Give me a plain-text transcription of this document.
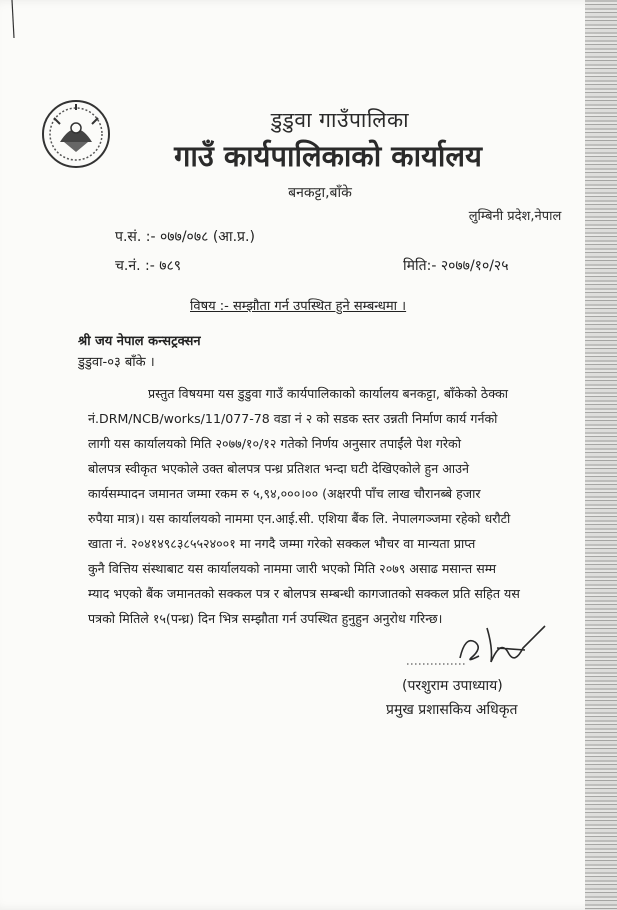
डुडुवा गाउँपालिका
गाउँ कार्यपालिकाको कार्यालय
बनकट्टा,बाँके
लुम्बिनी प्रदेश,नेपाल
प.सं. :- ०७७/०७८ (आ.प्र.)
च.नं. :- ७८९	मिति:- २०७७/१०/२५
विषय :- सम्झौता गर्न उपस्थित हुने सम्बन्धमा ।
श्री जय नेपाल कन्सट्रक्सन
डुडुवा-०३ बाँके ।
प्रस्तुत विषयमा यस डुडुवा गाउँ कार्यपालिकाको कार्यालय बनकट्टा, बाँकेको ठेक्का
नं.DRM/NCB/works/11/077-78 वडा नं २ को सडक स्तर उन्नती निर्माण कार्य गर्नको
लागी यस कार्यालयको मिति २०७७/१०/१२ गतेको निर्णय अनुसार तपाईंले पेश गरेको
बोलपत्र स्वीकृत भएकोले उक्त बोलपत्र पन्ध्र प्रतिशत भन्दा घटी देखिएकोले हुन आउने
कार्यसम्पादन जमानत जम्मा रकम रु ५,९४,०००।०० (अक्षरपी पाँच लाख चौरानब्बे हजार
रुपैया मात्र)। यस कार्यालयको नाममा एन.आई.सी. एशिया बैंक लि. नेपालगञ्जमा रहेको धरौटी
खाता नं. २०४१४९८३८५५२४००१ मा नगदै जम्मा गरेको सक्कल भौचर वा मान्यता प्राप्त
कुनै वित्तिय संस्थाबाट यस कार्यालयको नाममा जारी भएको मिति २०७९ असाढ मसान्त सम्म
म्याद भएको बैंक जमानतको सक्कल पत्र र बोलपत्र सम्बन्धी कागजातको सक्कल प्रति सहित यस
पत्रको मितिले १५(पन्ध्र) दिन भित्र सम्झौता गर्न उपस्थित हुनुहुन अनुरोध गरिन्छ।
(परशुराम उपाध्याय)
प्रमुख प्रशासकिय अधिकृत
